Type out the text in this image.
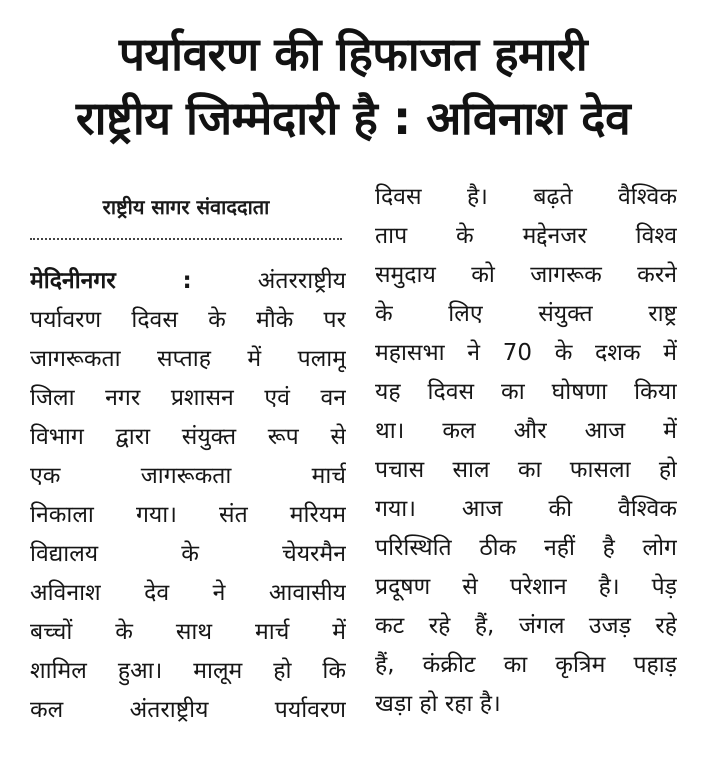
पर्यावरण की हिफाजत हमारी
राष्ट्रीय जिम्मेदारी है : अविनाश देव
राष्ट्रीय सागर संवाददाता
मेदिनीनगर : अंतरराष्ट्रीय
पर्यावरण दिवस के मौके पर
जागरूकता सप्ताह में पलामू
जिला नगर प्रशासन एवं वन
विभाग द्वारा संयुक्त रूप से
एक जागरूकता मार्च
निकाला गया। संत मरियम
विद्यालय के चेयरमैन
अविनाश देव ने आवासीय
बच्चों के साथ मार्च में
शामिल हुआ। मालूम हो कि
कल अंतराष्ट्रीय पर्यावरण
दिवस है। बढ़ते वैश्विक
ताप के मद्देनजर विश्व
समुदाय को जागरूक करने
के लिए संयुक्त राष्ट्र
महासभा ने 70 के दशक में
यह दिवस का घोषणा किया
था। कल और आज में
पचास साल का फासला हो
गया। आज की वैश्विक
परिस्थिति ठीक नहीं है लोग
प्रदूषण से परेशान है। पेड़
कट रहे हैं, जंगल उजड़ रहे
हैं, कंक्रीट का कृत्रिम पहाड़
खड़ा हो रहा है।
